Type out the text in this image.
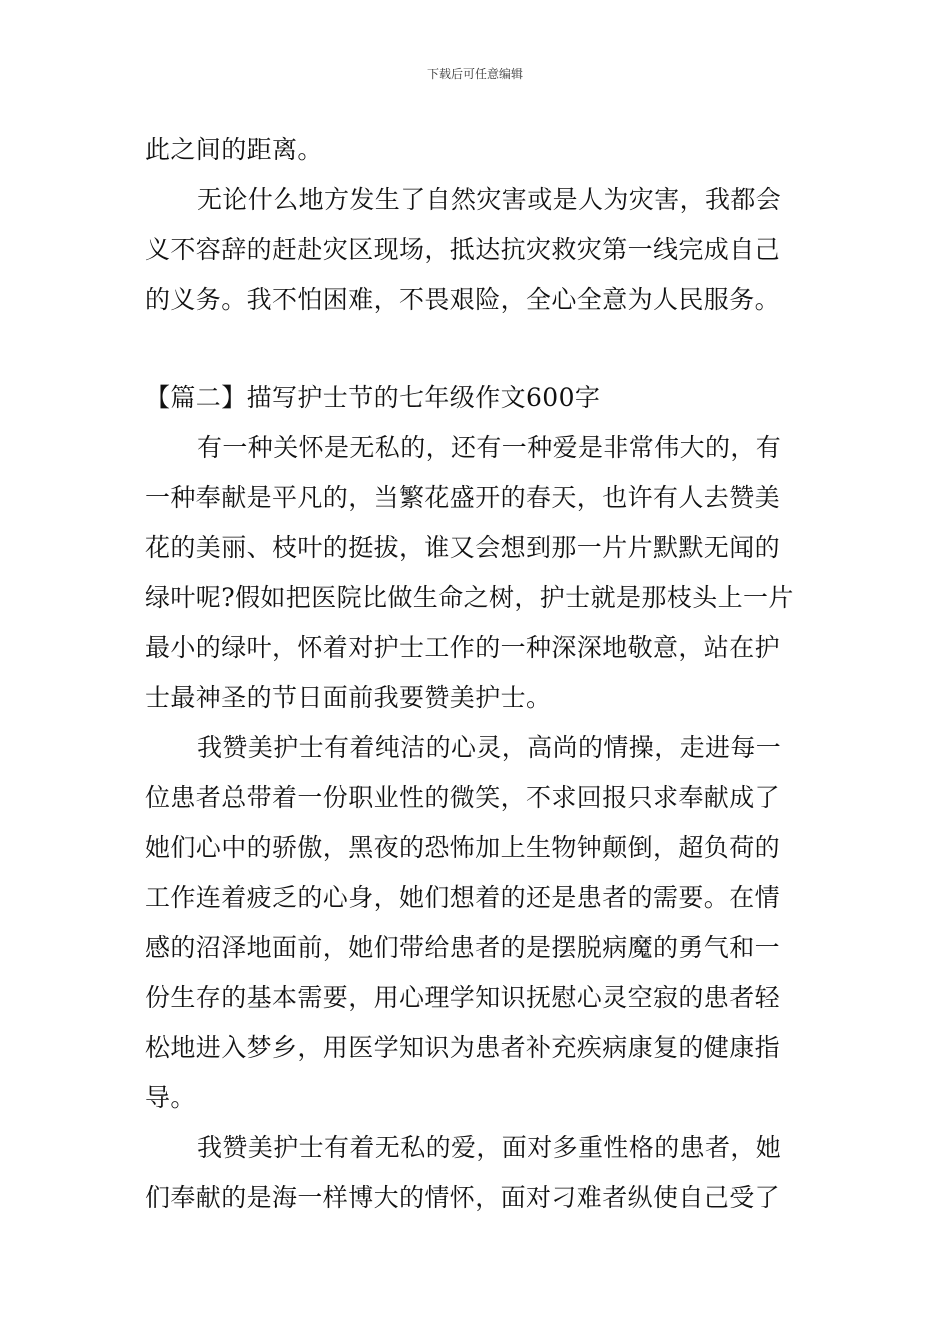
下载后可任意编辑
此之间的距离。
无论什么地方发生了自然灾害或是人为灾害，我都会
义不容辞的赶赴灾区现场，抵达抗灾救灾第一线完成自己
的义务。我不怕困难，不畏艰险，全心全意为人民服务。
【篇二】描写护士节的七年级作文600字
有一种关怀是无私的，还有一种爱是非常伟大的，有
一种奉献是平凡的，当繁花盛开的春天，也许有人去赞美
花的美丽、枝叶的挺拔，谁又会想到那一片片默默无闻的
绿叶呢?假如把医院比做生命之树，护士就是那枝头上一片
最小的绿叶，怀着对护士工作的一种深深地敬意，站在护
士最神圣的节日面前我要赞美护士。
我赞美护士有着纯洁的心灵，高尚的情操，走进每一
位患者总带着一份职业性的微笑，不求回报只求奉献成了
她们心中的骄傲，黑夜的恐怖加上生物钟颠倒，超负荷的
工作连着疲乏的心身，她们想着的还是患者的需要。在情
感的沼泽地面前，她们带给患者的是摆脱病魔的勇气和一
份生存的基本需要，用心理学知识抚慰心灵空寂的患者轻
松地进入梦乡，用医学知识为患者补充疾病康复的健康指
导。
我赞美护士有着无私的爱，面对多重性格的患者，她
们奉献的是海一样博大的情怀，面对刁难者纵使自己受了
